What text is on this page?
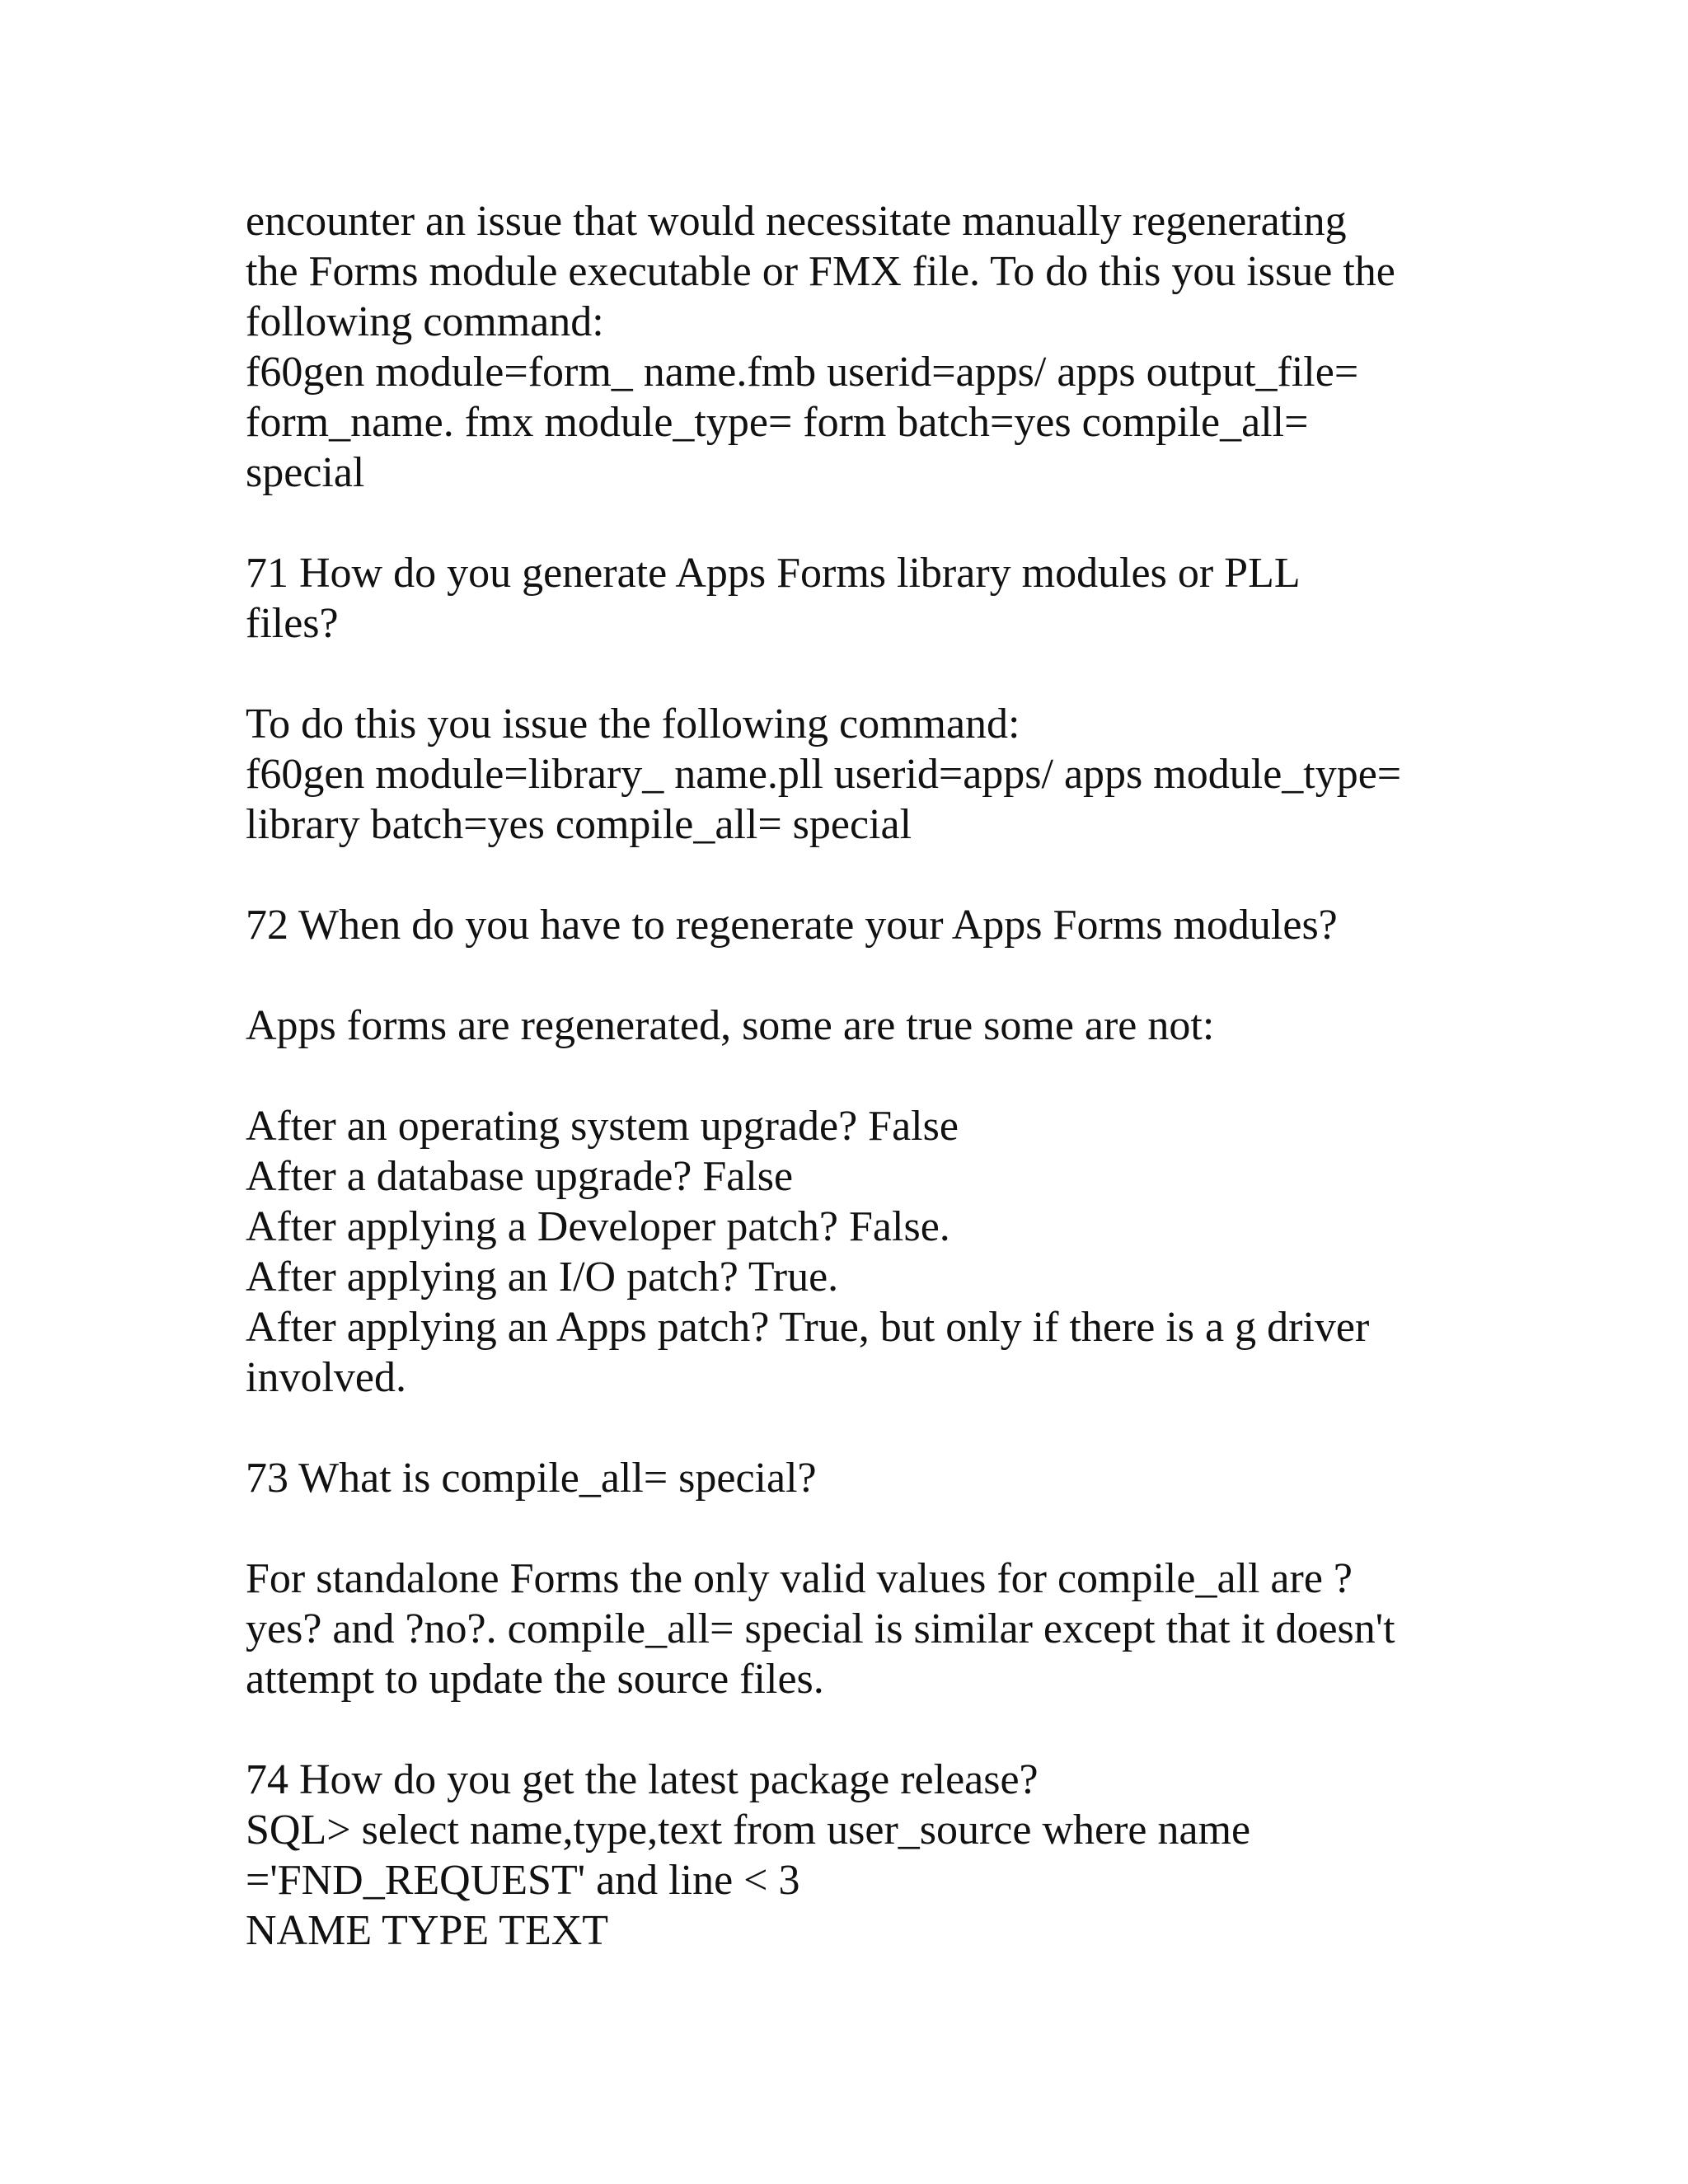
encounter an issue that would necessitate manually regenerating
the Forms module executable or FMX file. To do this you issue the
following command:
f60gen module=form_ name.fmb userid=apps/ apps output_file=
form_name. fmx module_type= form batch=yes compile_all=
special
71 How do you generate Apps Forms library modules or PLL
files?
To do this you issue the following command:
f60gen module=library_ name.pll userid=apps/ apps module_type=
library batch=yes compile_all= special
72 When do you have to regenerate your Apps Forms modules?
Apps forms are regenerated, some are true some are not:
After an operating system upgrade? False
After a database upgrade? False
After applying a Developer patch? False.
After applying an I/O patch? True.
After applying an Apps patch? True, but only if there is a g driver
involved.
73 What is compile_all= special?
For standalone Forms the only valid values for compile_all are ?
yes? and ?no?. compile_all= special is similar except that it doesn't
attempt to update the source files.
74 How do you get the latest package release?
SQL> select name,type,text from user_source where name
='FND_REQUEST' and line < 3
NAME TYPE TEXT
